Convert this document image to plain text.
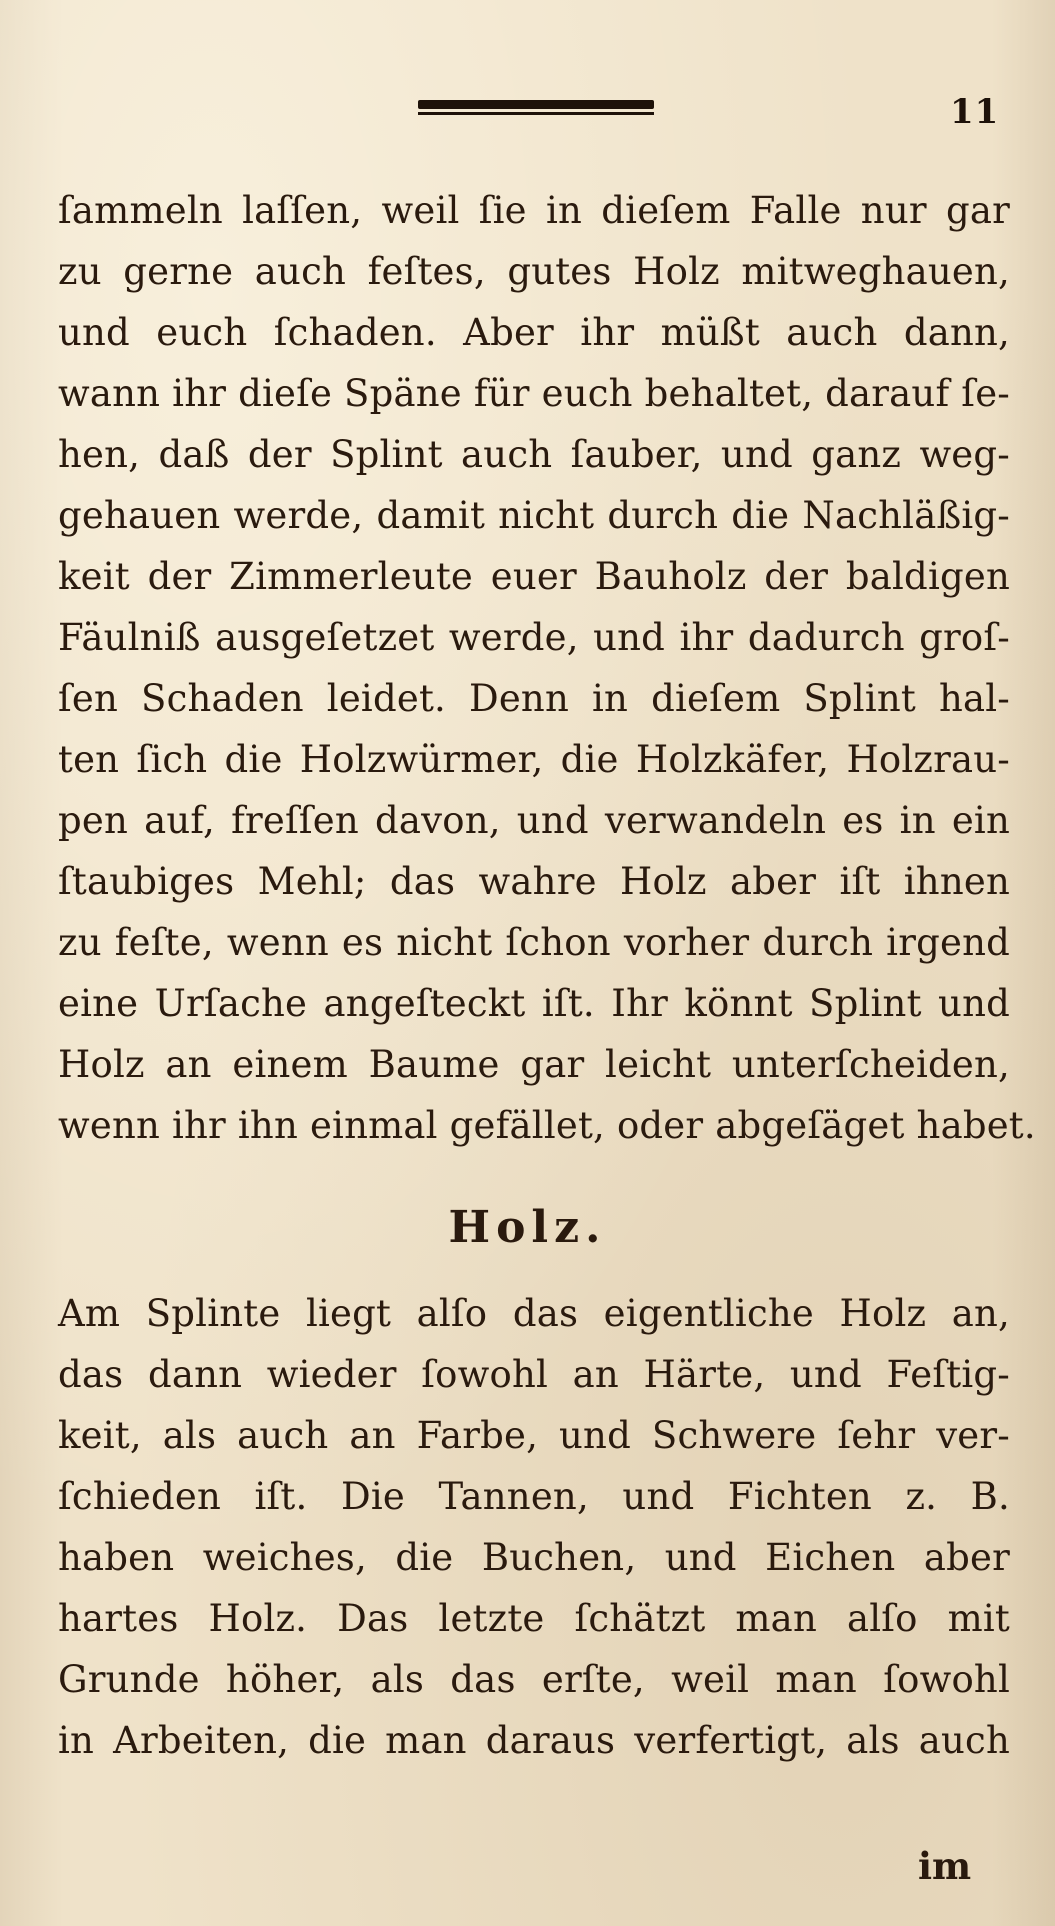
11
ſammeln laſſen, weil ſie in dieſem Falle nur gar
zu gerne auch feſtes, gutes Holz mitweghauen,
und euch ſchaden. Aber ihr müßt auch dann,
wann ihr dieſe Späne für euch behaltet, darauf ſe-
hen, daß der Splint auch ſauber, und ganz weg-
gehauen werde, damit nicht durch die Nachläßig-
keit der Zimmerleute euer Bauholz der baldigen
Fäulniß ausgeſetzet werde, und ihr dadurch groſ-
ſen Schaden leidet. Denn in dieſem Splint hal-
ten ſich die Holzwürmer, die Holzkäfer, Holzrau-
pen auf, freſſen davon, und verwandeln es in ein
ſtaubiges Mehl; das wahre Holz aber iſt ihnen
zu feſte, wenn es nicht ſchon vorher durch irgend
eine Urſache angeſteckt iſt. Ihr könnt Splint und
Holz an einem Baume gar leicht unterſcheiden,
wenn ihr ihn einmal gefället, oder abgeſäget habet.
Holz.
Am Splinte liegt alſo das eigentliche Holz an,
das dann wieder ſowohl an Härte, und Feſtig-
keit, als auch an Farbe, und Schwere ſehr ver-
ſchieden iſt. Die Tannen, und Fichten z. B.
haben weiches, die Buchen, und Eichen aber
hartes Holz. Das letzte ſchätzt man alſo mit
Grunde höher, als das erſte, weil man ſowohl
in Arbeiten, die man daraus verfertigt, als auch
im
